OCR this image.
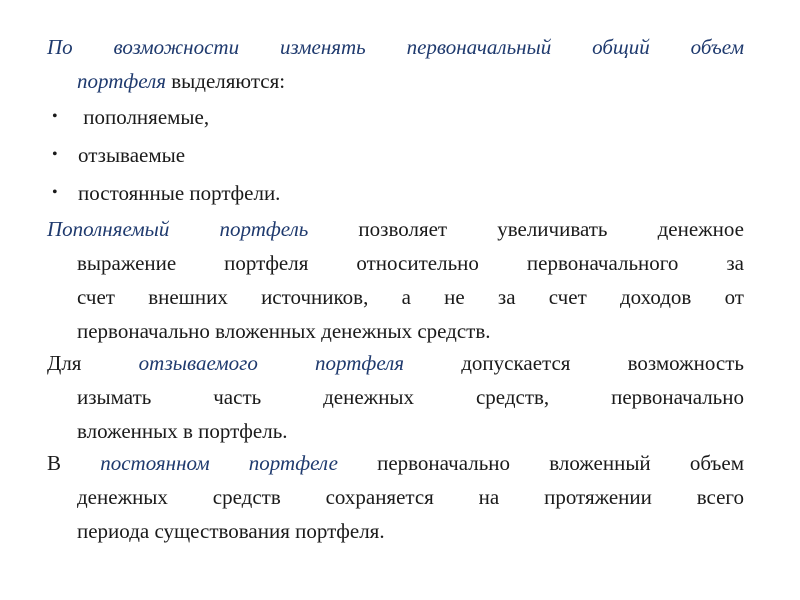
По возможности изменять первоначальный общий объем
портфеля выделяются:
• пополняемые,
• отзываемые
• постоянные портфели.
Пополняемый портфель позволяет увеличивать денежное
выражение портфеля относительно первоначального за
счет внешних источников, а не за счет доходов от
первоначально вложенных денежных средств.
Для отзываемого портфеля допускается возможность
изымать часть денежных средств, первоначально
вложенных в портфель.
В постоянном портфеле первоначально вложенный объем
денежных средств сохраняется на протяжении всего
периода существования портфеля.
